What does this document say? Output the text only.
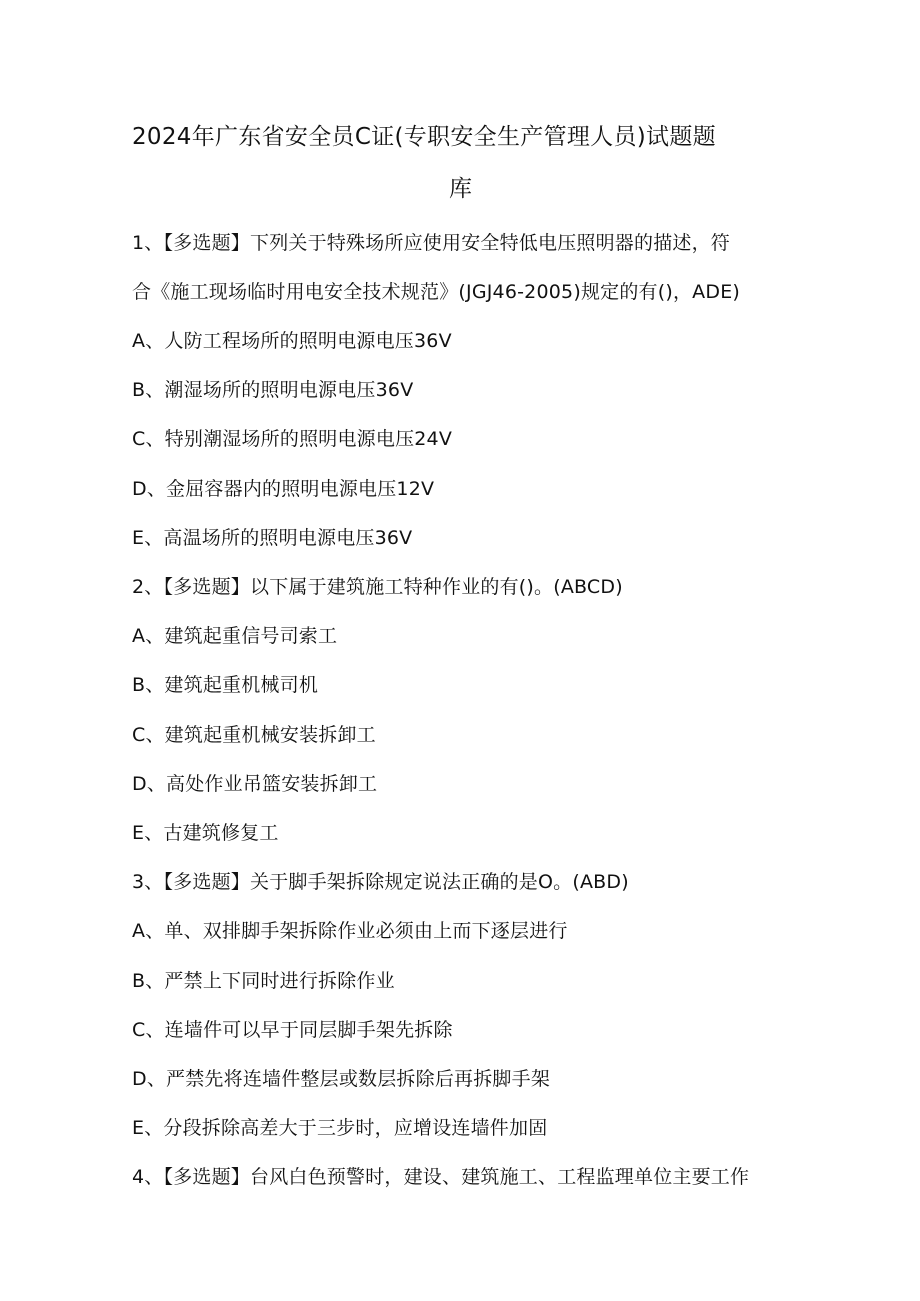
2024年广东省安全员C证(专职安全生产管理人员)试题题
库
1、【多选题】下列关于特殊场所应使用安全特低电压照明器的描述，符
合《施工现场临时用电安全技术规范》(JGJ46-2005)规定的有()，ADE)
A、人防工程场所的照明电源电压36V
B、潮湿场所的照明电源电压36V
C、特别潮湿场所的照明电源电压24V
D、金屈容器内的照明电源电压12V
E、高温场所的照明电源电压36V
2、【多选题】以下属于建筑施工特种作业的有()。(ABCD)
A、建筑起重信号司索工
B、建筑起重机械司机
C、建筑起重机械安装拆卸工
D、高处作业吊篮安装拆卸工
E、古建筑修复工
3、【多选题】关于脚手架拆除规定说法正确的是O。(ABD)
A、单、双排脚手架拆除作业必须由上而下逐层进行
B、严禁上下同时进行拆除作业
C、连墙件可以早于同层脚手架先拆除
D、严禁先将连墙件整层或数层拆除后再拆脚手架
E、分段拆除高差大于三步时，应增设连墙件加固
4、【多选题】台风白色预警时，建设、建筑施工、工程监理单位主要工作
